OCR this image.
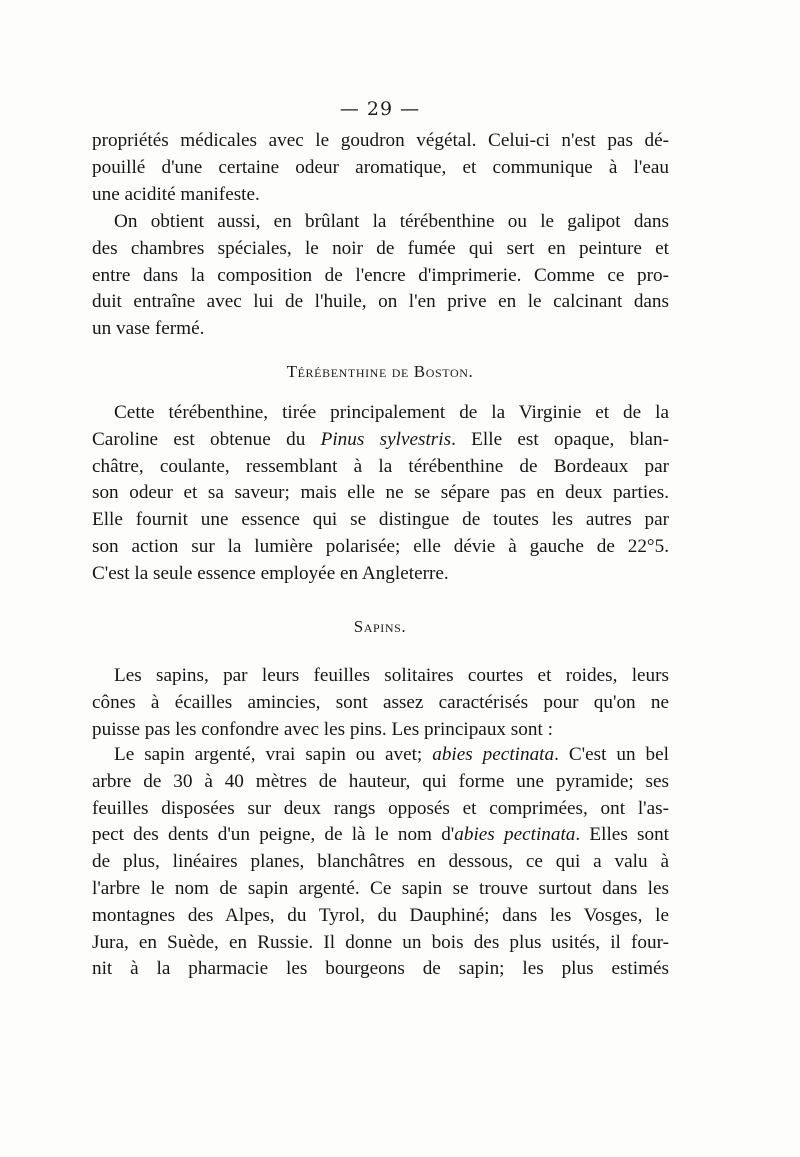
— 29 —
propriétés médicales avec le goudron végétal. Celui-ci n'est pas dé-
pouillé d'une certaine odeur aromatique, et communique à l'eau
une acidité manifeste.
On obtient aussi, en brûlant la térébenthine ou le galipot dans
des chambres spéciales, le noir de fumée qui sert en peinture et
entre dans la composition de l'encre d'imprimerie. Comme ce pro-
duit entraîne avec lui de l'huile, on l'en prive en le calcinant dans
un vase fermé.
Térébenthine de Boston.
Cette térébenthine, tirée principalement de la Virginie et de la
Caroline est obtenue du Pinus sylvestris. Elle est opaque, blan-
châtre, coulante, ressemblant à la térébenthine de Bordeaux par
son odeur et sa saveur; mais elle ne se sépare pas en deux parties.
Elle fournit une essence qui se distingue de toutes les autres par
son action sur la lumière polarisée; elle dévie à gauche de 22°5.
C'est la seule essence employée en Angleterre.
Sapins.
Les sapins, par leurs feuilles solitaires courtes et roides, leurs
cônes à écailles amincies, sont assez caractérisés pour qu'on ne
puisse pas les confondre avec les pins. Les principaux sont :
Le sapin argenté, vrai sapin ou avet; abies pectinata. C'est un bel
arbre de 30 à 40 mètres de hauteur, qui forme une pyramide; ses
feuilles disposées sur deux rangs opposés et comprimées, ont l'as-
pect des dents d'un peigne, de là le nom d'abies pectinata. Elles sont
de plus, linéaires planes, blanchâtres en dessous, ce qui a valu à
l'arbre le nom de sapin argenté. Ce sapin se trouve surtout dans les
montagnes des Alpes, du Tyrol, du Dauphiné; dans les Vosges, le
Jura, en Suède, en Russie. Il donne un bois des plus usités, il four-
nit à la pharmacie les bourgeons de sapin; les plus estimés
